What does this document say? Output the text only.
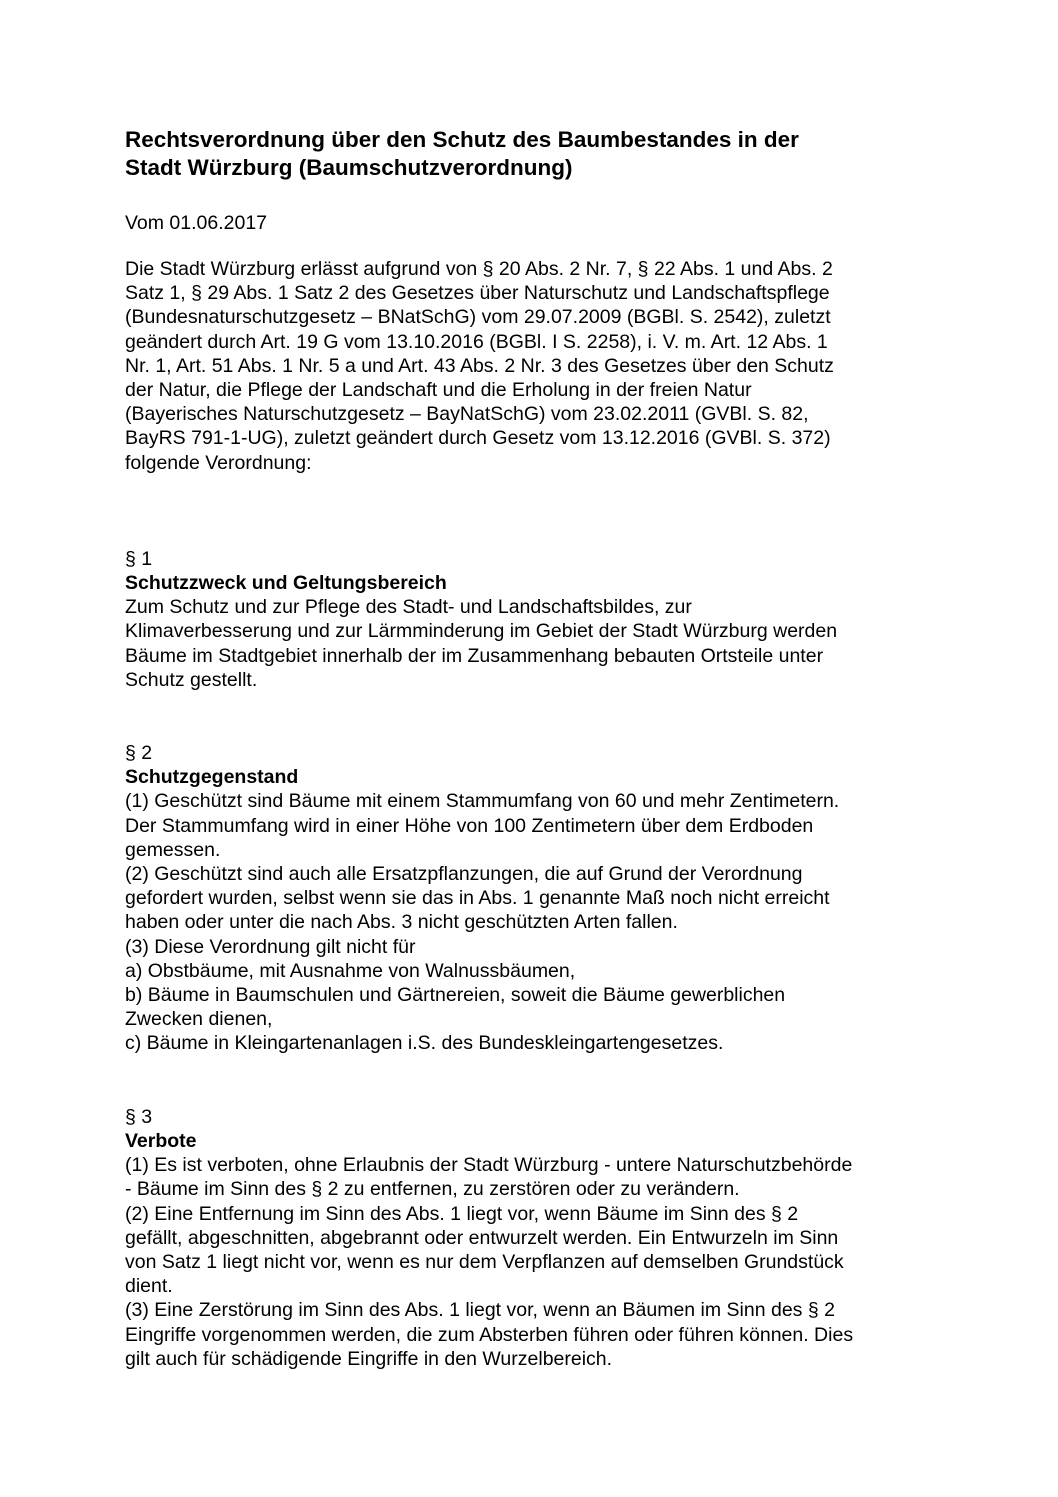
Rechtsverordnung über den Schutz des Baumbestandes in der
Stadt Würzburg (Baumschutzverordnung)
Vom 01.06.2017
Die Stadt Würzburg erlässt aufgrund von § 20 Abs. 2 Nr. 7, § 22 Abs. 1 und Abs. 2
Satz 1, § 29 Abs. 1 Satz 2 des Gesetzes über Naturschutz und Landschaftspflege
(Bundesnaturschutzgesetz – BNatSchG) vom 29.07.2009 (BGBl. S. 2542), zuletzt
geändert durch Art. 19 G vom 13.10.2016 (BGBl. I S. 2258), i. V. m. Art. 12 Abs. 1
Nr. 1, Art. 51 Abs. 1 Nr. 5 a und Art. 43 Abs. 2 Nr. 3 des Gesetzes über den Schutz
der Natur, die Pflege der Landschaft und die Erholung in der freien Natur
(Bayerisches Naturschutzgesetz – BayNatSchG) vom 23.02.2011 (GVBl. S. 82,
BayRS 791-1-UG), zuletzt geändert durch Gesetz vom 13.12.2016 (GVBl. S. 372)
folgende Verordnung:
§ 1
Schutzzweck und Geltungsbereich
Zum Schutz und zur Pflege des Stadt- und Landschaftsbildes, zur
Klimaverbesserung und zur Lärmminderung im Gebiet der Stadt Würzburg werden
Bäume im Stadtgebiet innerhalb der im Zusammenhang bebauten Ortsteile unter
Schutz gestellt.
§ 2
Schutzgegenstand
(1) Geschützt sind Bäume mit einem Stammumfang von 60 und mehr Zentimetern.
Der Stammumfang wird in einer Höhe von 100 Zentimetern über dem Erdboden
gemessen.
(2) Geschützt sind auch alle Ersatzpflanzungen, die auf Grund der Verordnung
gefordert wurden, selbst wenn sie das in Abs. 1 genannte Maß noch nicht erreicht
haben oder unter die nach Abs. 3 nicht geschützten Arten fallen.
(3) Diese Verordnung gilt nicht für
a) Obstbäume, mit Ausnahme von Walnussbäumen,
b) Bäume in Baumschulen und Gärtnereien, soweit die Bäume gewerblichen
Zwecken dienen,
c) Bäume in Kleingartenanlagen i.S. des Bundeskleingartengesetzes.
§ 3
Verbote
(1) Es ist verboten, ohne Erlaubnis der Stadt Würzburg - untere Naturschutzbehörde
- Bäume im Sinn des § 2 zu entfernen, zu zerstören oder zu verändern.
(2) Eine Entfernung im Sinn des Abs. 1 liegt vor, wenn Bäume im Sinn des § 2
gefällt, abgeschnitten, abgebrannt oder entwurzelt werden. Ein Entwurzeln im Sinn
von Satz 1 liegt nicht vor, wenn es nur dem Verpflanzen auf demselben Grundstück
dient.
(3) Eine Zerstörung im Sinn des Abs. 1 liegt vor, wenn an Bäumen im Sinn des § 2
Eingriffe vorgenommen werden, die zum Absterben führen oder führen können. Dies
gilt auch für schädigende Eingriffe in den Wurzelbereich.
